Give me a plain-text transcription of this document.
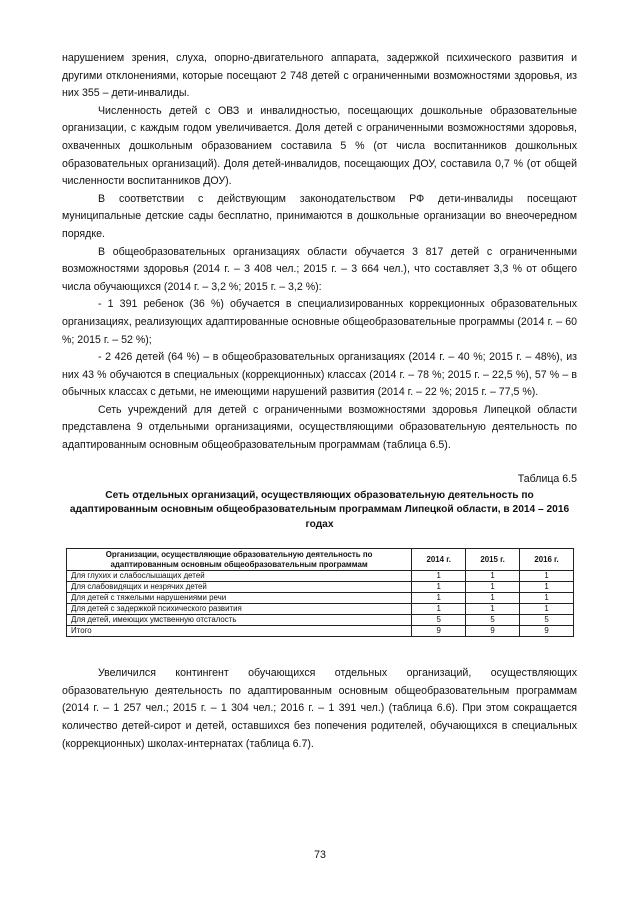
нарушением зрения, слуха, опорно-двигательного аппарата, задержкой психического развития и другими отклонениями, которые посещают 2 748 детей с ограниченными возможностями здоровья, из них 355 – дети-инвалиды.

Численность детей с ОВЗ и инвалидностью, посещающих дошкольные образовательные организации, с каждым годом увеличивается. Доля детей с ограниченными возможностями здоровья, охваченных дошкольным образованием составила 5 % (от числа воспитанников дошкольных образовательных организаций). Доля детей-инвалидов, посещающих ДОУ, составила 0,7 % (от общей численности воспитанников ДОУ).

В соответствии с действующим законодательством РФ дети-инвалиды посещают муниципальные детские сады бесплатно, принимаются в дошкольные организации во внеочередном порядке.

В общеобразовательных организациях области обучается 3 817 детей с ограниченными возможностями здоровья (2014 г. – 3 408 чел.; 2015 г. – 3 664 чел.), что составляет 3,3 % от общего числа обучающихся (2014 г. – 3,2 %; 2015 г. – 3,2 %):

- 1 391 ребенок (36 %) обучается в специализированных коррекционных образовательных организациях, реализующих адаптированные основные общеобразовательные программы (2014 г. – 60 %; 2015 г. – 52 %);

- 2 426 детей (64 %) – в общеобразовательных организациях (2014 г. – 40 %; 2015 г. – 48%), из них 43 % обучаются в специальных (коррекционных) классах (2014 г. – 78 %; 2015 г. – 22,5 %), 57 % – в обычных классах с детьми, не имеющими нарушений развития (2014 г. – 22 %; 2015 г. – 77,5 %).

Сеть учреждений для детей с ограниченными возможностями здоровья Липецкой области представлена 9 отдельными организациями, осуществляющими образовательную деятельность по адаптированным основным общеобразовательным программам (таблица 6.5).

Таблица 6.5

Сеть отдельных организаций, осуществляющих образовательную деятельность по адаптированным основным общеобразовательным программам Липецкой области, в 2014 – 2016 годах

Организации, осуществляющие образовательную деятельность по адаптированным основным общеобразовательным программам	2014 г.	2015 г.	2016 г.
Для глухих и слабослышащих детей	1	1	1
Для слабовидящих и незрячих детей	1	1	1
Для детей с тяжелыми нарушениями речи	1	1	1
Для детей с задержкой психического развития	1	1	1
Для детей, имеющих умственную отсталость	5	5	5
Итого	9	9	9

Увеличился контингент обучающихся отдельных организаций, осуществляющих образовательную деятельность по адаптированным основным общеобразовательным программам (2014 г. – 1 257 чел.; 2015 г. – 1 304 чел.; 2016 г. – 1 391 чел.) (таблица 6.6). При этом сокращается количество детей-сирот и детей, оставшихся без попечения родителей, обучающихся в специальных (коррекционных) школах-интернатах (таблица 6.7).

73
